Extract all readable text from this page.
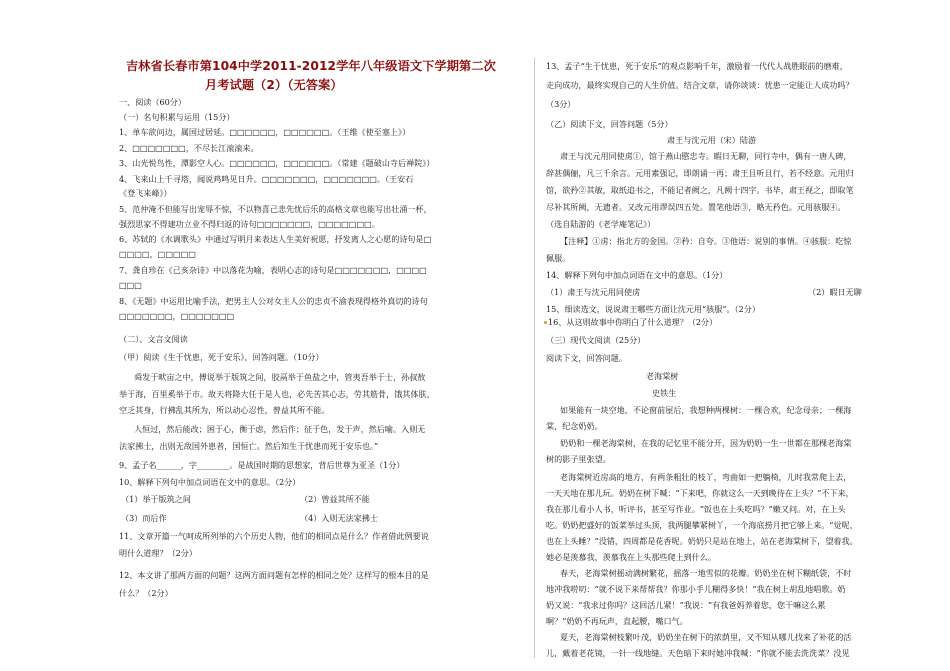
吉林省长春市第104中学2011-2012学年八年级语文下学期第二次
月考试题（2）（无答案）
一、阅读（60分）
（一）名句积累与运用（15分）
1、单车欲问边，属国过居延。□□□□□□，□□□□□□。（王维《使至塞上》）
2、□□□□□□□，不尽长江滚滚来。
3、山光悦鸟性，潭影空人心。□□□□□□，□□□□□□。（常建《题破山寺后禅院》）
4、飞来山上千寻塔，闻说鸡鸣见日升。□□□□□□□，□□□□□□□。（王安石
《登飞来峰》）
5、范仲淹不但能写出宠辱不惊，不以物喜己悲先忧后乐的高格文章也能写出壮涌一杯，
强烈思家不得建功立业不得归返的诗句□□□□□□□，□□□□□□□。
6、苏轼的《水调歌头》中通过写明月来表达人生美好祝愿，抒发离人之心愿的诗句是□
□□□□，□□□□□
7、龚自珍在《己亥杂诗》中以落花为喻，表明心志的诗句是□□□□□□□，□□□□
□□□
8、《无题》中运用比喻手法，把男主人公对女主人公的忠贞不渝表现得格外真切的诗句
□□□□□□□，□□□□□□□
（二）、文言文阅读
（甲）阅读《生于忧患，死于安乐》，回答问题。（10分）
舜发于畎亩之中，傅说举于版筑之间，胶鬲举于鱼盐之中，管夷吾举于士，孙叔敖
举于海，百里奚举于市。故天将降大任于是人也，必先苦其心志，劳其筋骨，饿其体肤，
空乏其身，行拂乱其所为，所以动心忍性，曾益其所不能。
人恒过，然后能改；困于心，衡于虑，然后作；征于色，发于声，然后喻。入则无
法家拂士，出则无敌国外患者，国恒亡。然后知生于忧患而死于安乐也。”
9、孟子名______，字________。是战国时期的思想家，背后世尊为亚圣（1分）
10、解释下列句中加点词语在文中的意思。（2分）
（1）举于版筑之间	（2）曾益其所不能
（3）而后作	（4）入则无法家拂士
11、文章开篇一气呵成所列举的六个历史人物，他们的相同点是什么？作者借此例要说
明什么道理？（2分）
12、本文讲了那两方面的问题？这两方面问题有怎样的相同之处？这样写的根本目的是
什么？（2分）
13、孟子“生于忧患，死于安乐”的观点影响千年，激励着一代代人战胜眼前的磨难，
走向成功，最终实现自己的人生价值。结合文章，请你谈谈：忧患一定能让人成功吗？
（3分）
（乙）阅读下文，回答问题（5分）
肃王与沈元用（宋）陆游
肃王与沈元用同使虏①，馆于燕山愍忠寺。暇日无聊，同行寺中，偶有一唐人碑，
辞甚偶俪，凡三千余言。元用素强记，即朗诵一再；肃王且听且行，若不经意。元用归
馆，欲矜②其敏，取纸追书之，不能记者阙之，凡阙十四字。书毕，肃王视之，即取笔
尽补其所阙，无遗者。又改元用谬误四五处。置笔他语③，略无矜色。元用骇服④。
（选自陆游的《老学庵笔记》）
【注释】①虏：指北方的金国。②矜：自夸。③他语：说别的事情。④骇服：吃惊
佩服。
14、解释下列句中加点词语在文中的意思。（1分）
（1）肃王与沈元用同使虏	（2）暇日无聊
15、细读选文，说说肃王哪些方面让沈元用“骇服”。（2分）
16、从这则故事中你明白了什么道理？（2分）
（三）现代文阅读（25分）
阅读下文，回答问题。
老海棠树
史铁生
如果能有一块空地，不论窗前屋后，我想种两棵树：一棵合欢，纪念母亲；一棵海
棠，纪念奶奶。
奶奶和一棵老海棠树，在我的记忆里不能分开，因为奶奶一生一世都在那棵老海棠
树的影子里张望。
老海棠树近房高的地方，有两条粗壮的枝丫，弯曲如一把躺椅，儿时我常爬上去，
一天天地在那儿玩。奶奶在树下喊：“下来吧，你就这么一天到晚待在上头？”不下来，
我在那儿看小人书，听评书，甚至写作业。“饭也在上头吃吗？”嫩又问。对，在上头
吃。奶奶把盛好的饭菜举过头顶，我两腿攀紧树丫，一个海底捞月把它够上来。“觉呢，
也在上头睡？”没错，四周都是花香呢。奶奶只是站在地上，站在老海棠树下，望着我。
她必是羡慕我，羡慕我在上头那些爬上到什么。
春天，老海棠树摇动满树繁花，摇落一地雪似的花瓣。奶奶坐在树下糊纸袋，不时
地冲我唠叨：“就不说下来帮帮我？你那小手儿糊得多快！”我在树上胡乱地唱歌。奶
奶又说：“我求过你吗？这回活儿紧！”我说：“有我爸妈养着您，您干嘛这么累
啊？”奶奶不再玩声，直起腰，嘴口气。
夏天，老海棠树枝繁叶茂，奶奶坐在树下的浓荫里，又不知从哪儿找来了补花的活
儿，戴着老花镜，一针一线地缝。天色暗下来时她冲我喊：“你就不能去洗洗菜？没见
